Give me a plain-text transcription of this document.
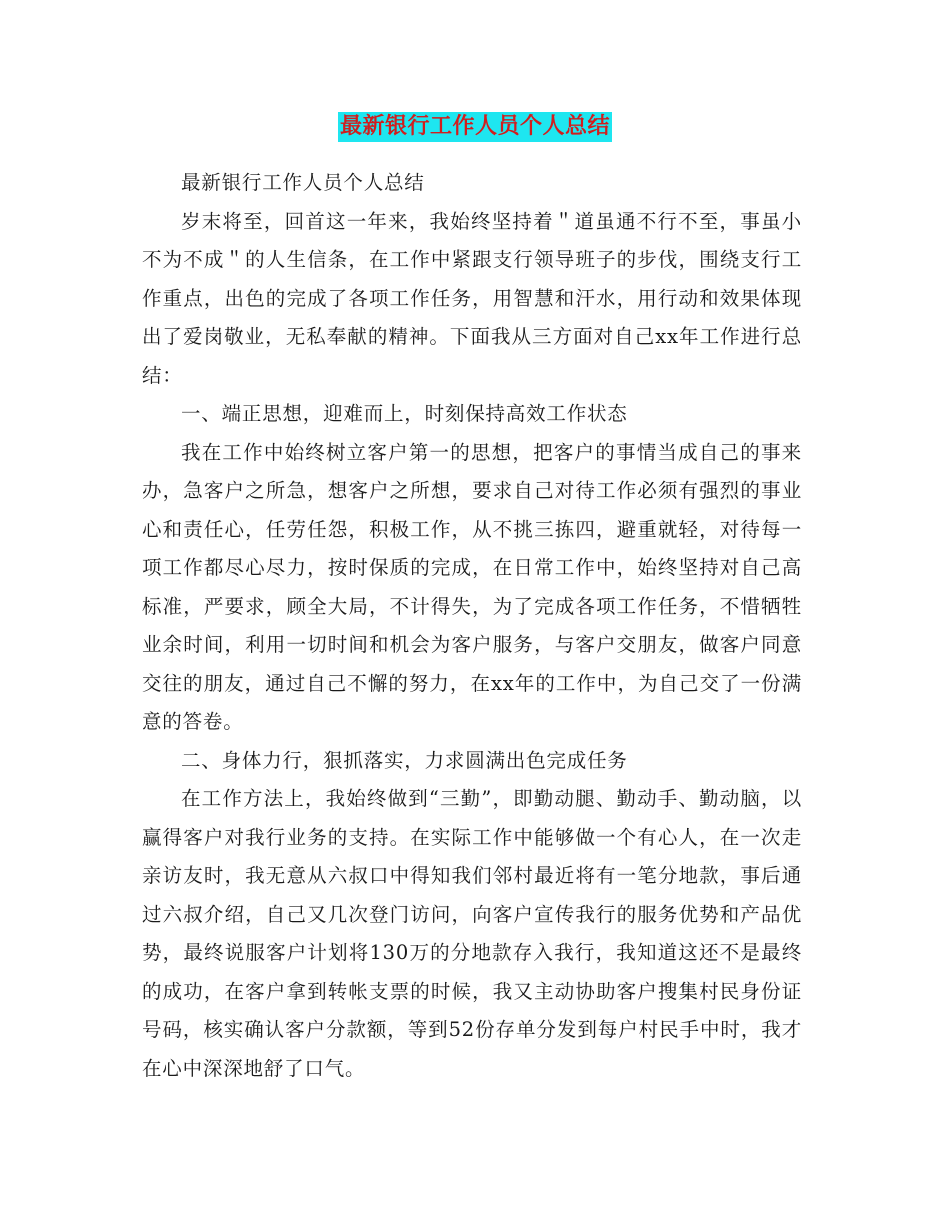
最新银行工作人员个人总结

最新银行工作人员个人总结

岁末将至，回首这一年来，我始终坚持着＂道虽通不行不至，事虽小不为不成＂的人生信条，在工作中紧跟支行领导班子的步伐，围绕支行工作重点，出色的完成了各项工作任务，用智慧和汗水，用行动和效果体现出了爱岗敬业，无私奉献的精神。下面我从三方面对自己xx年工作进行总结：

一、端正思想，迎难而上，时刻保持高效工作状态

我在工作中始终树立客户第一的思想，把客户的事情当成自己的事来办，急客户之所急，想客户之所想，要求自己对待工作必须有强烈的事业心和责任心，任劳任怨，积极工作，从不挑三拣四，避重就轻，对待每一项工作都尽心尽力，按时保质的完成，在日常工作中，始终坚持对自己高标准，严要求，顾全大局，不计得失，为了完成各项工作任务，不惜牺牲业余时间，利用一切时间和机会为客户服务，与客户交朋友，做客户同意交往的朋友，通过自己不懈的努力，在xx年的工作中，为自己交了一份满意的答卷。

二、身体力行，狠抓落实，力求圆满出色完成任务

在工作方法上，我始终做到“三勤”，即勤动腿、勤动手、勤动脑，以赢得客户对我行业务的支持。在实际工作中能够做一个有心人，在一次走亲访友时，我无意从六叔口中得知我们邻村最近将有一笔分地款，事后通过六叔介绍，自己又几次登门访问，向客户宣传我行的服务优势和产品优势，最终说服客户计划将130万的分地款存入我行，我知道这还不是最终的成功，在客户拿到转帐支票的时候，我又主动协助客户搜集村民身份证号码，核实确认客户分款额，等到52份存单分发到每户村民手中时，我才在心中深深地舒了口气。
